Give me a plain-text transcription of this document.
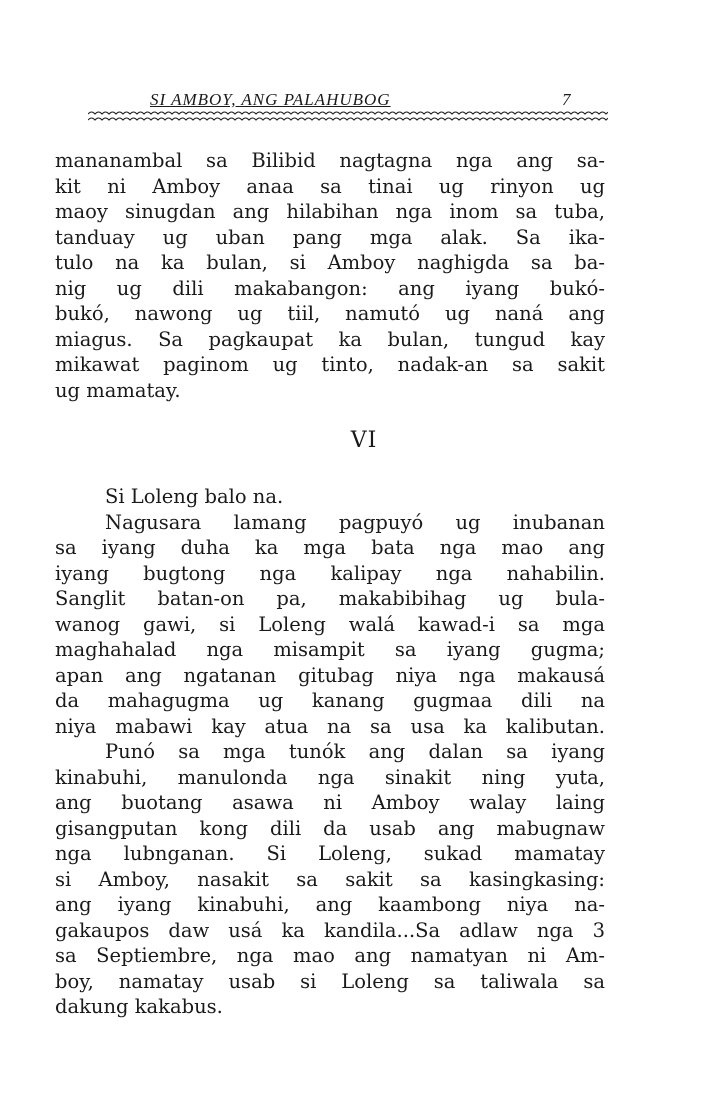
SI AMBOY, ANG PALAHUBOG	7
mananambal sa Bilibid nagtagna nga ang sa-
kit ni Amboy anaa sa tinai ug rinyon ug
maoy sinugdan ang hilabihan nga inom sa tuba,
tanduay ug uban pang mga alak. Sa ika-
tulo na ka bulan, si Amboy naghigda sa ba-
nig ug dili makabangon: ang iyang bukó-
bukó, nawong ug tiil, namutó ug naná ang
miagus. Sa pagkaupat ka bulan, tungud kay
mikawat paginom ug tinto, nadak-an sa sakit
ug mamatay.
VI
Si Loleng balo na.
Nagusara lamang pagpuyó ug inubanan
sa iyang duha ka mga bata nga mao ang
iyang bugtong nga kalipay nga nahabilin.
Sanglit batan-on pa, makabibihag ug bula-
wanog gawi, si Loleng walá kawad-i sa mga
maghahalad nga misampit sa iyang gugma;
apan ang ngatanan gitubag niya nga makausá
da mahagugma ug kanang gugmaa dili na
niya mabawi kay atua na sa usa ka kalibutan.
Punó sa mga tunók ang dalan sa iyang
kinabuhi, manulonda nga sinakit ning yuta,
ang buotang asawa ni Amboy walay laing
gisangputan kong dili da usab ang mabugnaw
nga lubnganan. Si Loleng, sukad mamatay
si Amboy, nasakit sa sakit sa kasingkasing:
ang iyang kinabuhi, ang kaambong niya na-
gakaupos daw usá ka kandila...Sa adlaw nga 3
sa Septiembre, nga mao ang namatyan ni Am-
boy, namatay usab si Loleng sa taliwala sa
dakung kakabus.
